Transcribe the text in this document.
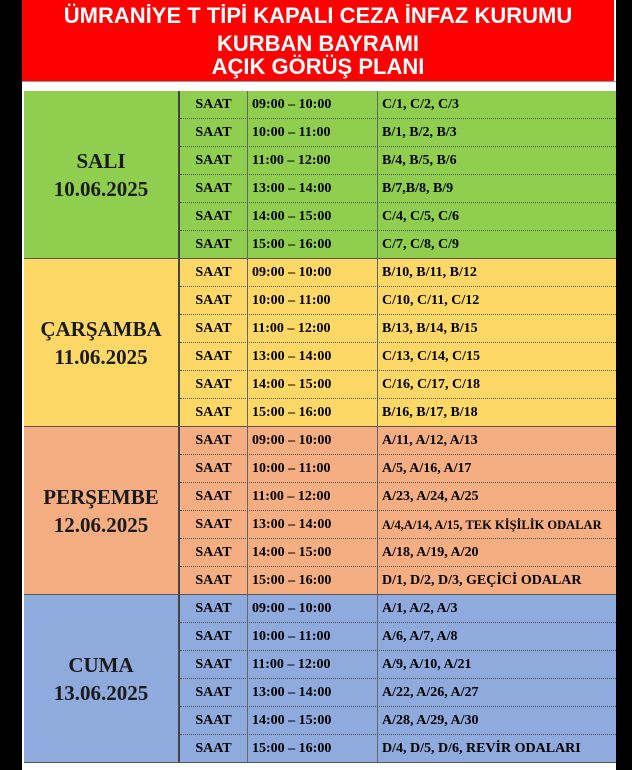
ÜMRANİYE T TİPİ KAPALI CEZA İNFAZ KURUMU
KURBAN BAYRAMI
AÇIK GÖRÜŞ PLANI
SALI
10.06.2025
SAAT	09:00 – 10:00	C/1, C/2, C/3
SAAT	10:00 – 11:00	B/1, B/2, B/3
SAAT	11:00 – 12:00	B/4, B/5, B/6
SAAT	13:00 – 14:00	B/7,B/8, B/9
SAAT	14:00 – 15:00	C/4, C/5, C/6
SAAT	15:00 – 16:00	C/7, C/8, C/9
ÇARŞAMBA
11.06.2025
SAAT	09:00 – 10:00	B/10, B/11, B/12
SAAT	10:00 – 11:00	C/10, C/11, C/12
SAAT	11:00 – 12:00	B/13, B/14, B/15
SAAT	13:00 – 14:00	C/13, C/14, C/15
SAAT	14:00 – 15:00	C/16, C/17, C/18
SAAT	15:00 – 16:00	B/16, B/17, B/18
PERŞEMBE
12.06.2025
SAAT	09:00 – 10:00	A/11, A/12, A/13
SAAT	10:00 – 11:00	A/5, A/16, A/17
SAAT	11:00 – 12:00	A/23, A/24, A/25
SAAT	13:00 – 14:00	A/4,A/14, A/15, TEK KİŞİLİK ODALAR
SAAT	14:00 – 15:00	A/18, A/19, A/20
SAAT	15:00 – 16:00	D/1, D/2, D/3, GEÇİCİ ODALAR
CUMA
13.06.2025
SAAT	09:00 – 10:00	A/1, A/2, A/3
SAAT	10:00 – 11:00	A/6, A/7, A/8
SAAT	11:00 – 12:00	A/9, A/10, A/21
SAAT	13:00 – 14:00	A/22, A/26, A/27
SAAT	14:00 – 15:00	A/28, A/29, A/30
SAAT	15:00 – 16:00	D/4, D/5, D/6, REVİR ODALARI
